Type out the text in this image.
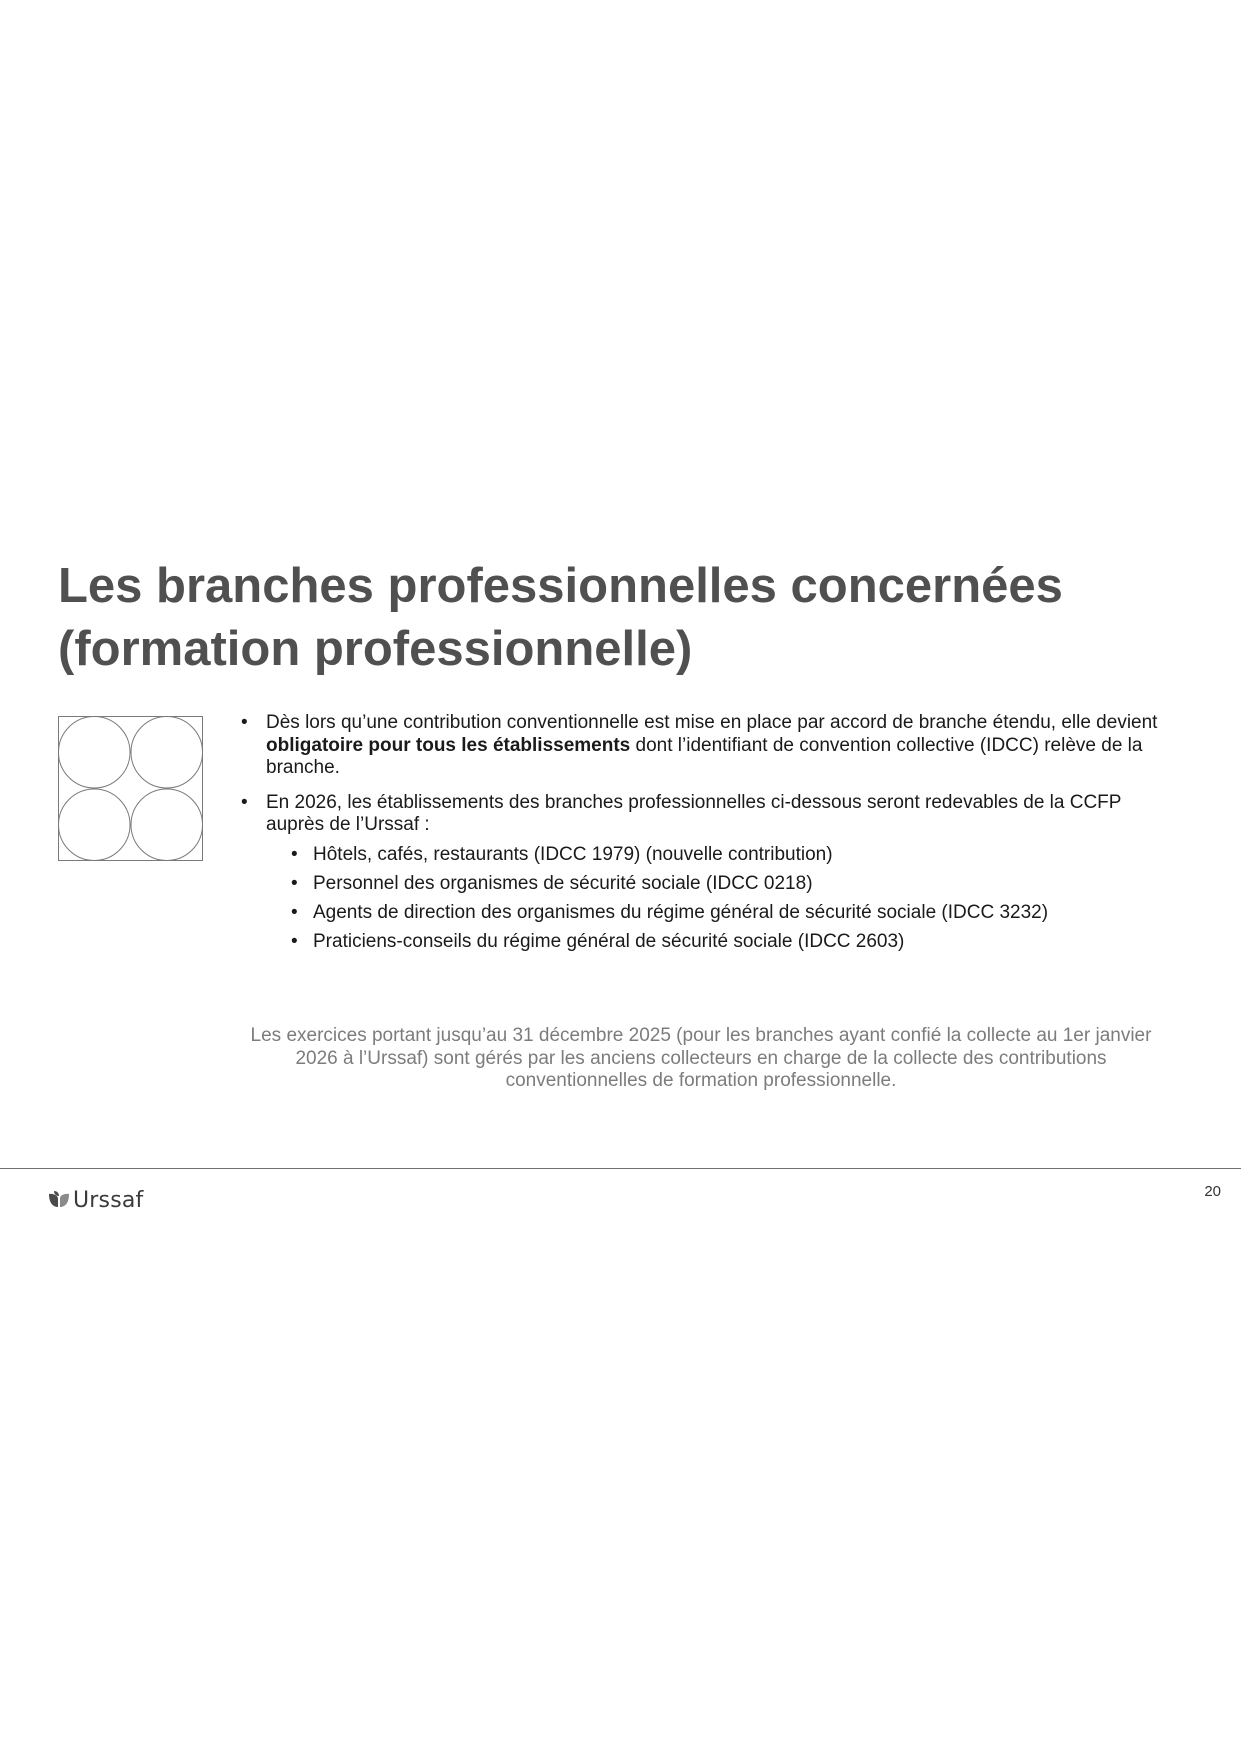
Les branches professionnelles concernées
(formation professionnelle)
• Dès lors qu’une contribution conventionnelle est mise en place par accord de branche étendu, elle devient obligatoire pour tous les établissements dont l’identifiant de convention collective (IDCC) relève de la branche.
• En 2026, les établissements des branches professionnelles ci-dessous seront redevables de la CCFP auprès de l’Urssaf :
• Hôtels, cafés, restaurants (IDCC 1979) (nouvelle contribution)
• Personnel des organismes de sécurité sociale (IDCC 0218)
• Agents de direction des organismes du régime général de sécurité sociale (IDCC 3232)
• Praticiens-conseils du régime général de sécurité sociale (IDCC 2603)

Les exercices portant jusqu’au 31 décembre 2025 (pour les branches ayant confié la collecte au 1er janvier 2026 à l’Urssaf) sont gérés par les anciens collecteurs en charge de la collecte des contributions conventionnelles de formation professionnelle.

Urssaf	20
